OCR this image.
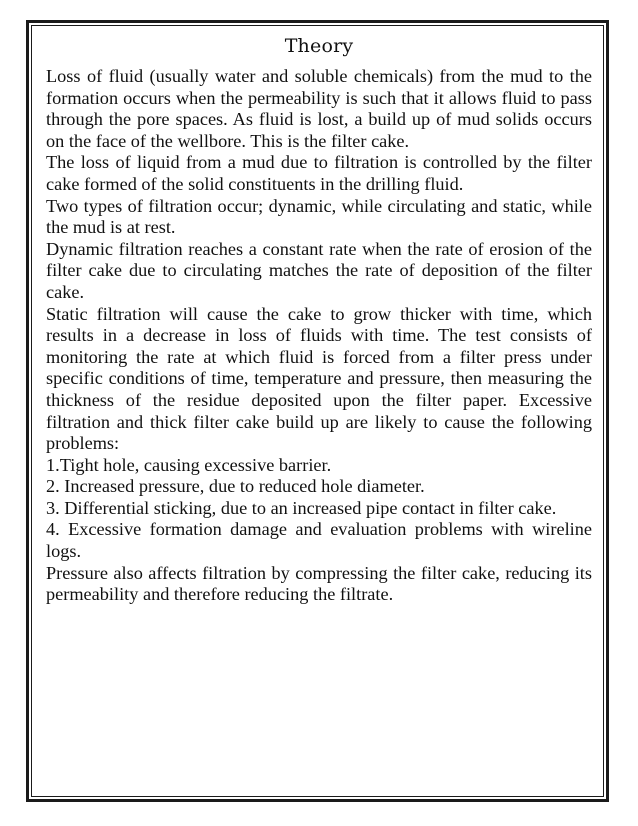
Theory

Loss of fluid (usually water and soluble chemicals) from the mud to the formation occurs when the permeability is such that it allows fluid to pass through the pore spaces. As fluid is lost, a build up of mud solids occurs on the face of the wellbore. This is the filter cake.

The loss of liquid from a mud due to filtration is controlled by the filter cake formed of the solid constituents in the drilling fluid.

Two types of filtration occur; dynamic, while circulating and static, while the mud is at rest.

Dynamic filtration reaches a constant rate when the rate of erosion of the filter cake due to circulating matches the rate of deposition of the filter cake.

Static filtration will cause the cake to grow thicker with time, which results in a decrease in loss of fluids with time. The test consists of monitoring the rate at which fluid is forced from a filter press under specific conditions of time, temperature and pressure, then measuring the thickness of the residue deposited upon the filter paper. Excessive filtration and thick filter cake build up are likely to cause the following problems:

1.Tight hole, causing excessive barrier.

2. Increased pressure, due to reduced hole diameter.

3. Differential sticking, due to an increased pipe contact in filter cake.

4. Excessive formation damage and evaluation problems with wireline logs.

Pressure also affects filtration by compressing the filter cake, reducing its permeability and therefore reducing the filtrate.
